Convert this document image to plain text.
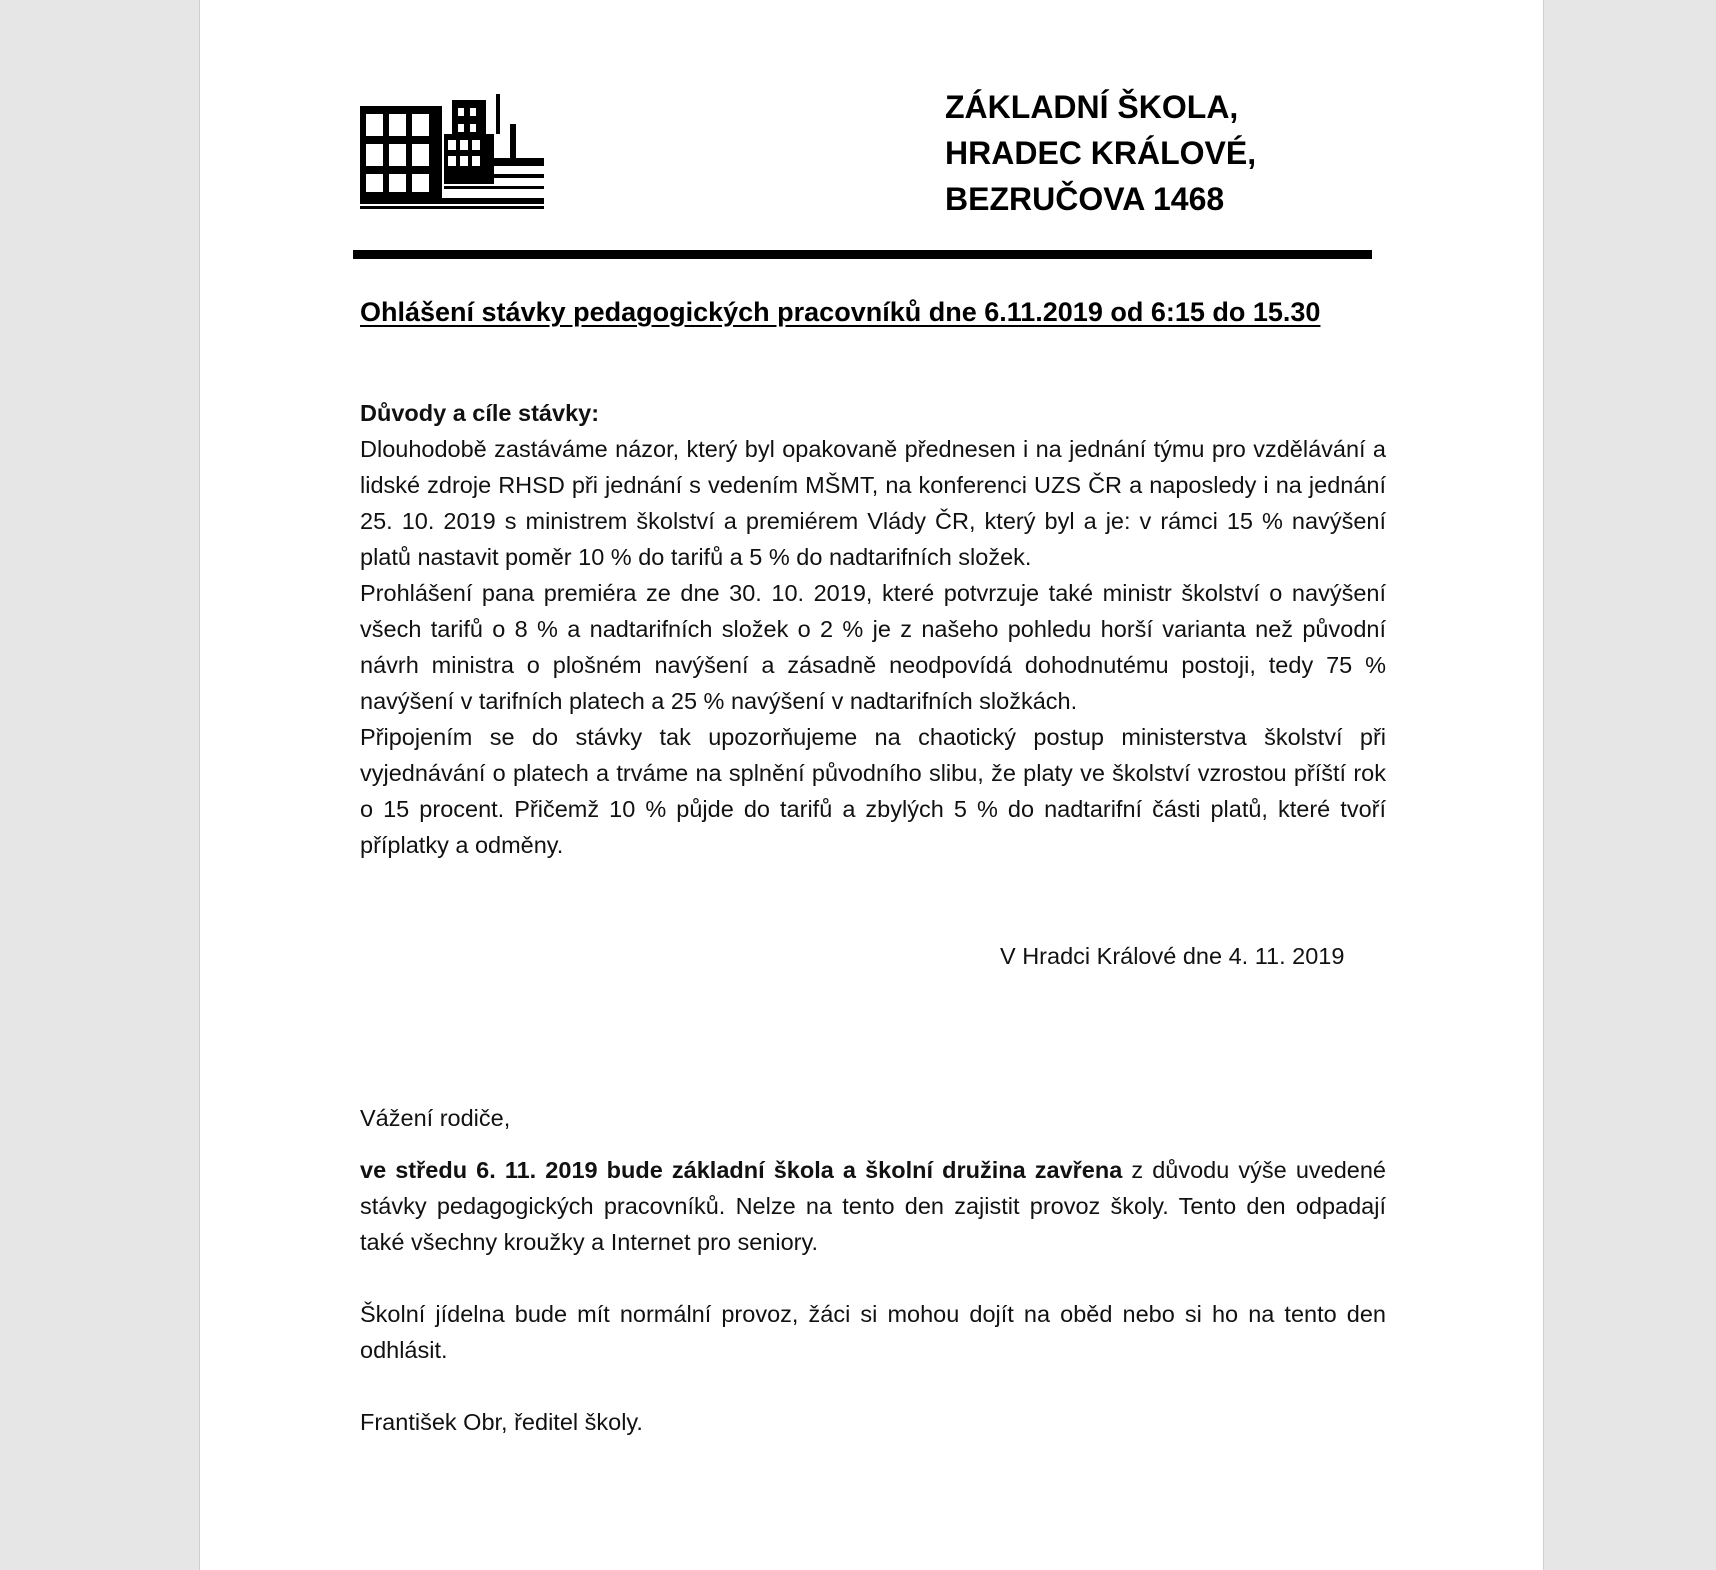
ZÁKLADNÍ ŠKOLA,
HRADEC KRÁLOVÉ,
BEZRUČOVA 1468
Ohlášení stávky pedagogických pracovníků dne 6.11.2019 od 6:15 do 15.30
Důvody a cíle stávky:

Dlouhodobě zastáváme názor, který byl opakovaně přednesen i na jednání týmu pro vzdělávání a lidské zdroje RHSD při jednání s vedením MŠMT, na konferenci UZS ČR a naposledy i na jednání 25. 10. 2019 s ministrem školství a premiérem Vlády ČR, který byl a je: v rámci 15 % navýšení platů nastavit poměr 10 % do tarifů a 5 % do nadtarifních složek.

Prohlášení pana premiéra ze dne 30. 10. 2019, které potvrzuje také ministr školství o navýšení všech tarifů o 8 % a nadtarifních složek o 2 % je z našeho pohledu horší varianta než původní návrh ministra o plošném navýšení a zásadně neodpovídá dohodnutému postoji, tedy 75 % navýšení v tarifních platech a 25 % navýšení v nadtarifních složkách.

Připojením se do stávky tak upozorňujeme na chaotický postup ministerstva školství při vyjednávání o platech a trváme na splnění původního slibu, že platy ve školství vzrostou příští rok o 15 procent. Přičemž 10 % půjde do tarifů a zbylých 5 % do nadtarifní části platů, které tvoří příplatky a odměny.

V Hradci Králové dne 4. 11. 2019
Vážení rodiče,
ve středu 6. 11. 2019 bude základní škola a školní družina zavřena z důvodu výše uvedené stávky pedagogických pracovníků. Nelze na tento den zajistit provoz školy. Tento den odpadají také všechny kroužky a Internet pro seniory.
Školní jídelna bude mít normální provoz, žáci si mohou dojít na oběd nebo si ho na tento den odhlásit.
František Obr, ředitel školy.
